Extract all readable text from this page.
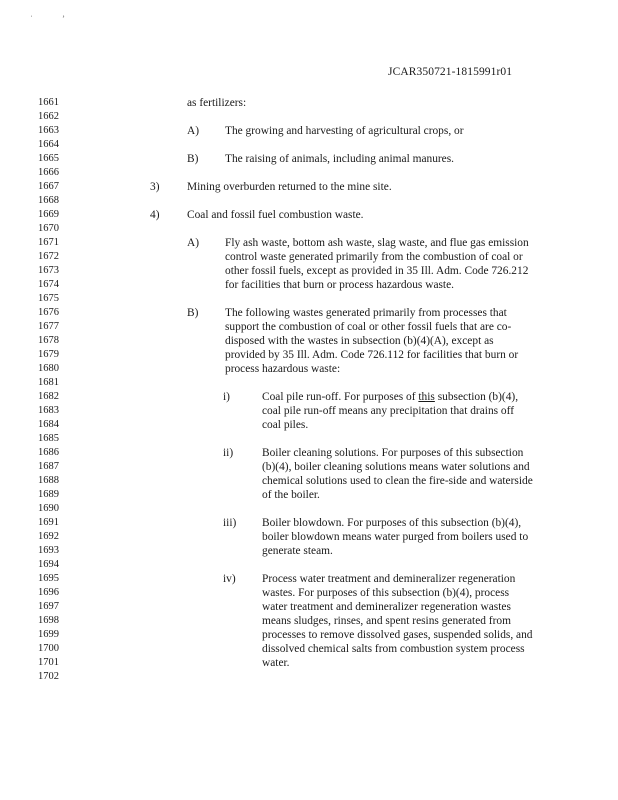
ˈ	’
JCAR350721-1815991r01
1661
1662
1663
1664
1665
1666
1667
1668
1669
1670
1671
1672
1673
1674
1675
1676
1677
1678
1679
1680
1681
1682
1683
1684
1685
1686
1687
1688
1689
1690
1691
1692
1693
1694
1695
1696
1697
1698
1699
1700
1701
1702
as fertilizers:
A) The growing and harvesting of agricultural crops, or
B) The raising of animals, including animal manures.
3) Mining overburden returned to the mine site.
4) Coal and fossil fuel combustion waste.
A) Fly ash waste, bottom ash waste, slag waste, and flue gas emission
control waste generated primarily from the combustion of coal or
other fossil fuels, except as provided in 35 Ill. Adm. Code 726.212
for facilities that burn or process hazardous waste.
B) The following wastes generated primarily from processes that
support the combustion of coal or other fossil fuels that are co-
disposed with the wastes in subsection (b)(4)(A), except as
provided by 35 Ill. Adm. Code 726.112 for facilities that burn or
process hazardous waste:
i)	Coal pile run-off. For purposes of this subsection (b)(4),
coal pile run-off means any precipitation that drains off
coal piles.
ii)	Boiler cleaning solutions. For purposes of this subsection
(b)(4), boiler cleaning solutions means water solutions and
chemical solutions used to clean the fire-side and waterside
of the boiler.
iii) Boiler blowdown. For purposes of this subsection (b)(4),
boiler blowdown means water purged from boilers used to
generate steam.
iv) Process water treatment and demineralizer regeneration
wastes. For purposes of this subsection (b)(4), process
water treatment and demineralizer regeneration wastes
means sludges, rinses, and spent resins generated from
processes to remove dissolved gases, suspended solids, and
dissolved chemical salts from combustion system process
water.
